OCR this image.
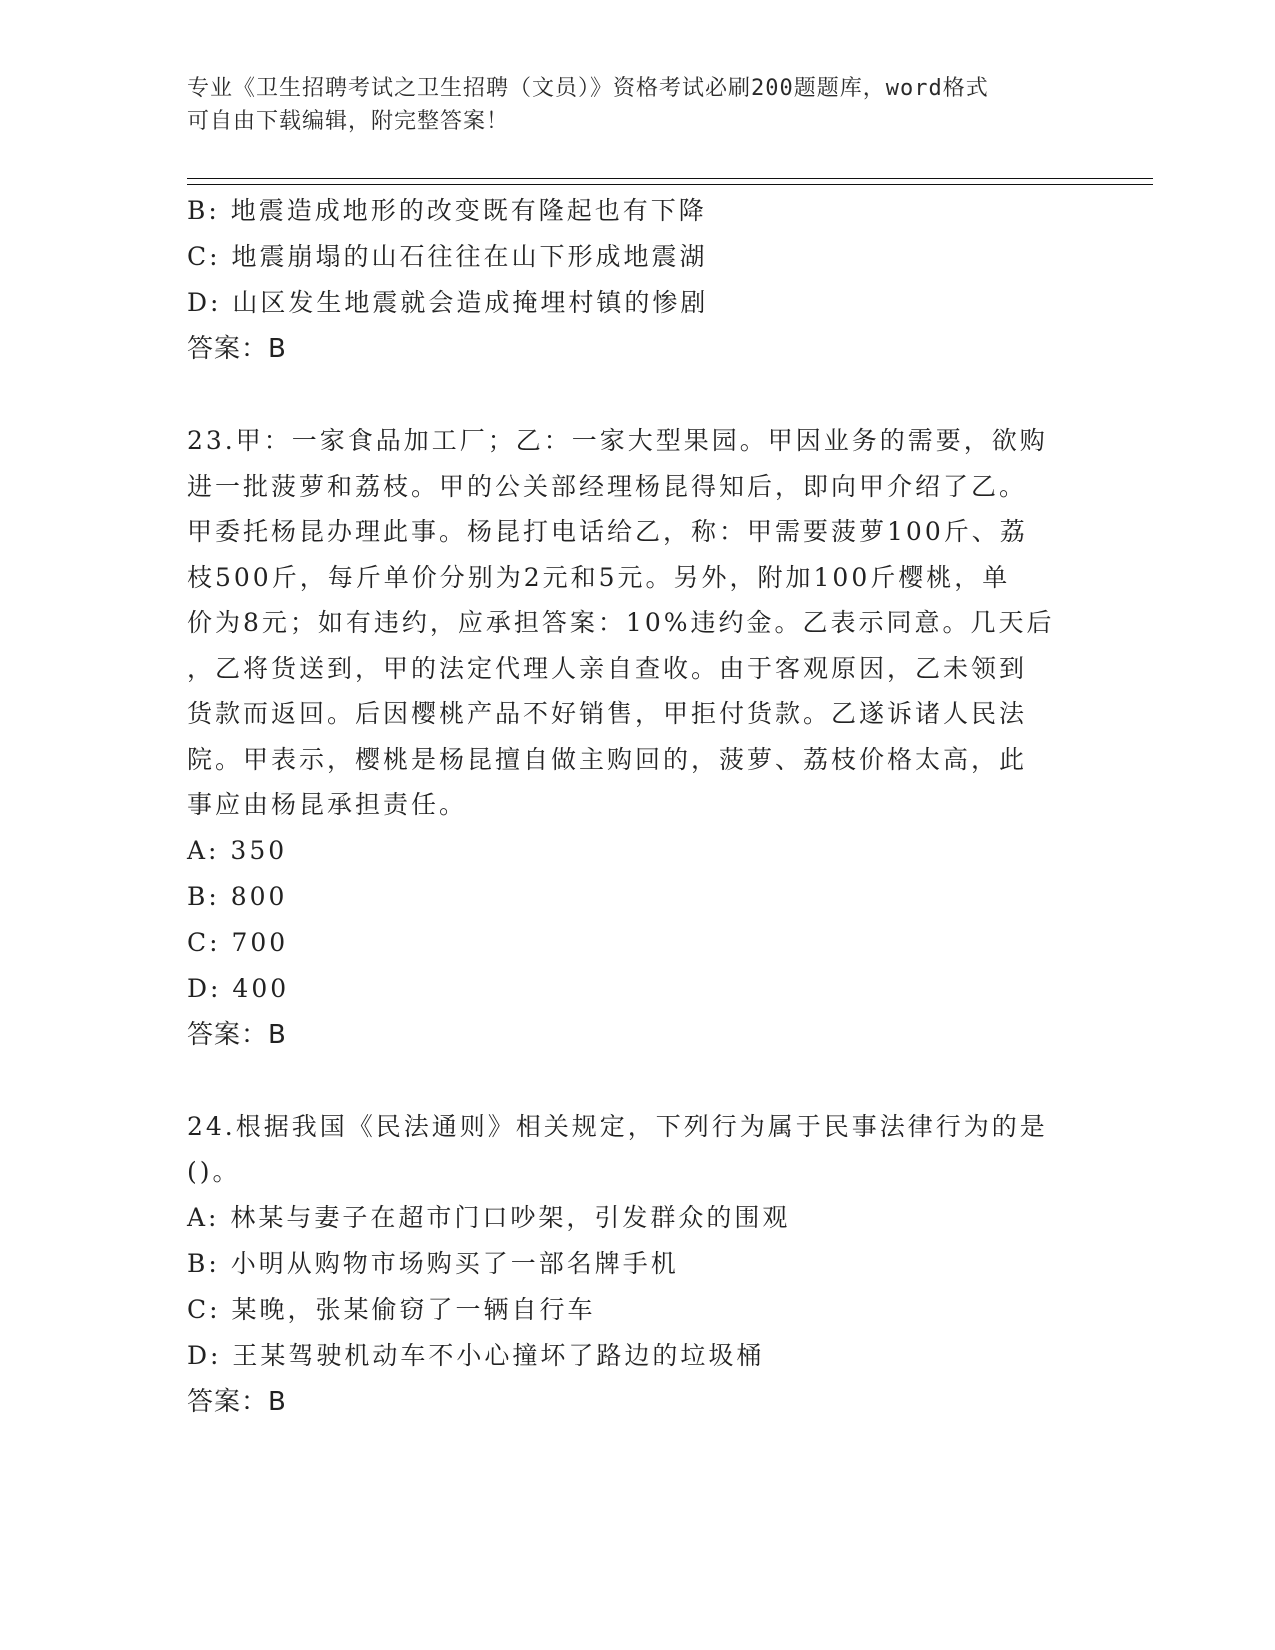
专业《卫生招聘考试之卫生招聘（文员）》资格考试必刷200题题库，word格式
可自由下载编辑，附完整答案！
B: 地震造成地形的改变既有隆起也有下降
C: 地震崩塌的山石往往在山下形成地震湖
D: 山区发生地震就会造成掩埋村镇的惨剧
答案：B
23.甲：一家食品加工厂；乙：一家大型果园。甲因业务的需要，欲购
进一批菠萝和荔枝。甲的公关部经理杨昆得知后，即向甲介绍了乙。
甲委托杨昆办理此事。杨昆打电话给乙，称：甲需要菠萝100斤、荔
枝500斤，每斤单价分别为2元和5元。另外，附加100斤樱桃，单
价为8元；如有违约，应承担答案：10%违约金。乙表示同意。几天后
，乙将货送到，甲的法定代理人亲自查收。由于客观原因，乙未领到
货款而返回。后因樱桃产品不好销售，甲拒付货款。乙遂诉诸人民法
院。甲表示，樱桃是杨昆擅自做主购回的，菠萝、荔枝价格太高，此
事应由杨昆承担责任。
A: 350
B: 800
C: 700
D: 400
答案：B
24.根据我国《民法通则》相关规定，下列行为属于民事法律行为的是
()。
A: 林某与妻子在超市门口吵架，引发群众的围观
B: 小明从购物市场购买了一部名牌手机
C: 某晚，张某偷窃了一辆自行车
D: 王某驾驶机动车不小心撞坏了路边的垃圾桶
答案：B
